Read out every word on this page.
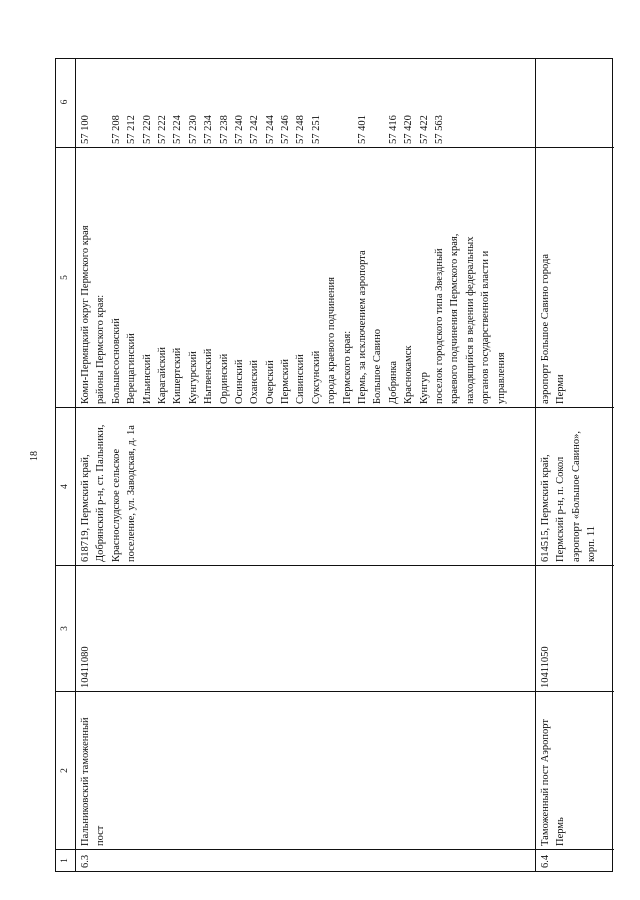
18
1
2
3
4
5
6
6.3
Пальниковский таможенный пост
10411080
618719, Пермский край, Добрянский р-н, ст. Пальники, Краснослудское сельское поселение, ул. Заводская, д. 1а
Коми-Пермяцкий округ Пермского края районы Пермского края: Большесосновский Верещагинский Ильинский Карагайский Кишертский Кунгурский Нытвенский Ординский Осинский Оханский Очерский Пермский Сивинский Суксунский города краевого подчинения Пермского края: Пермь, за исключением аэропорта Большое Савино Добрянка Краснокамск Кунгур поселок городского типа Звездный краевого подчинения Пермского края, находящийся в ведении федеральных органов государственной власти и управления
57 100 57 208 57 212 57 220 57 222 57 224 57 230 57 234 57 238 57 240 57 242 57 244 57 246 57 248 57 251	57 401 57 416 57 420 57 422 57 563
6.4
Таможенный пост Аэропорт Пермь
10411050
614515, Пермский край, Пермский р-н, п. Сокол аэропорт «Большое Савино», корп. 11
аэропорт Большое Савино города Перми
